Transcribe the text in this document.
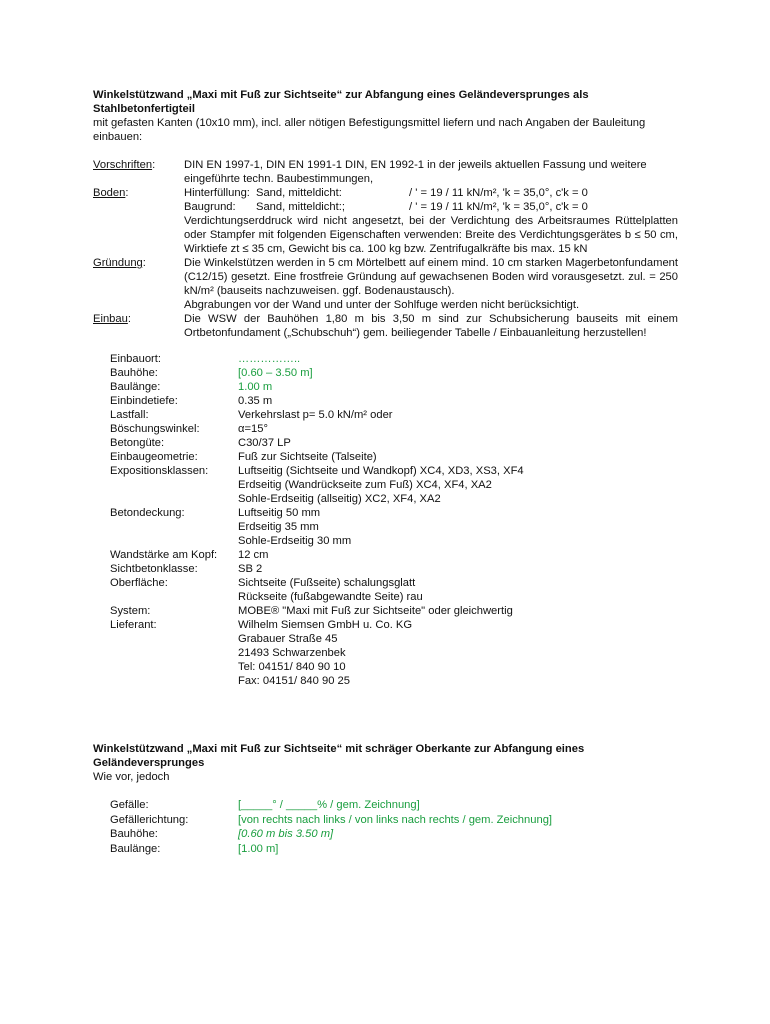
Winkelstützwand „Maxi mit Fuß zur Sichtseite“ zur Abfangung eines Geländeversprunges als Stahlbetonfertigteil
mit gefasten Kanten (10x10 mm), incl. aller nötigen Befestigungsmittel liefern und nach Angaben der Bauleitung einbauen:
Vorschriften:	DIN EN 1997-1, DIN EN 1991-1 DIN, EN 1992-1 in der jeweils aktuellen Fassung und weitere eingeführte techn. Baubestimmungen,
Boden:	Hinterfüllung: Sand, mitteldicht:	/ ' = 19 / 11 kN/m², 'k = 35,0°, c'k = 0
Baugrund:	Sand, mitteldicht:;	/ ' = 19 / 11 kN/m², 'k = 35,0°, c'k = 0
Verdichtungserddruck wird nicht angesetzt, bei der Verdichtung des Arbeitsraumes Rüttelplatten oder Stampfer mit folgenden Eigenschaften verwenden: Breite des Verdichtungsgerätes b ≤ 50 cm, Wirktiefe zt ≤ 35 cm, Gewicht bis ca. 100 kg bzw. Zentrifugalkräfte bis max. 15 kN
Gründung:	Die Winkelstützen werden in 5 cm Mörtelbett auf einem mind. 10 cm starken Magerbetonfundament (C12/15) gesetzt. Eine frostfreie Gründung auf gewachsenen Boden wird vorausgesetzt. zul. = 250 kN/m² (bauseits nachzuweisen. ggf. Bodenaustausch).
Abgrabungen vor der Wand und unter der Sohlfuge werden nicht berücksichtigt.
Einbau:	Die WSW der Bauhöhen 1,80 m bis 3,50 m sind zur Schubsicherung bauseits mit einem Ortbetonfundament („Schubschuh“) gem. beiliegender Tabelle / Einbauanleitung herzustellen!
Einbauort:	……………..
Bauhöhe:	[0.60 – 3.50 m]
Baulänge:	1.00 m
Einbindetiefe:	0.35 m
Lastfall:	Verkehrslast p= 5.0 kN/m² oder
Böschungswinkel:	α=15°
Betongüte:	C30/37 LP
Einbaugeometrie:	Fuß zur Sichtseite (Talseite)
Expositionsklassen:	Luftseitig (Sichtseite und Wandkopf) XC4, XD3, XS3, XF4
Erdseitig (Wandrückseite zum Fuß) XC4, XF4, XA2
Sohle-Erdseitig (allseitig) XC2, XF4, XA2
Betondeckung:	Luftseitig 50 mm
Erdseitig 35 mm
Sohle-Erdseitig 30 mm
Wandstärke am Kopf:	12 cm
Sichtbetonklasse:	SB 2
Oberfläche:	Sichtseite (Fußseite) schalungsglatt
Rückseite (fußabgewandte Seite) rau
System:	MOBE® "Maxi mit Fuß zur Sichtseite" oder gleichwertig
Lieferant:	Wilhelm Siemsen GmbH u. Co. KG
Grabauer Straße 45
21493 Schwarzenbek
Tel: 04151/ 840 90 10
Fax: 04151/ 840 90 25
Winkelstützwand „Maxi mit Fuß zur Sichtseite“ mit schräger Oberkante zur Abfangung eines Geländeversprunges
Wie vor, jedoch
Gefälle:	[_____° / _____% / gem. Zeichnung]
Gefällerichtung:	[von rechts nach links / von links nach rechts / gem. Zeichnung]
Bauhöhe:	[0.60 m bis 3.50 m]
Baulänge:	[1.00 m]
